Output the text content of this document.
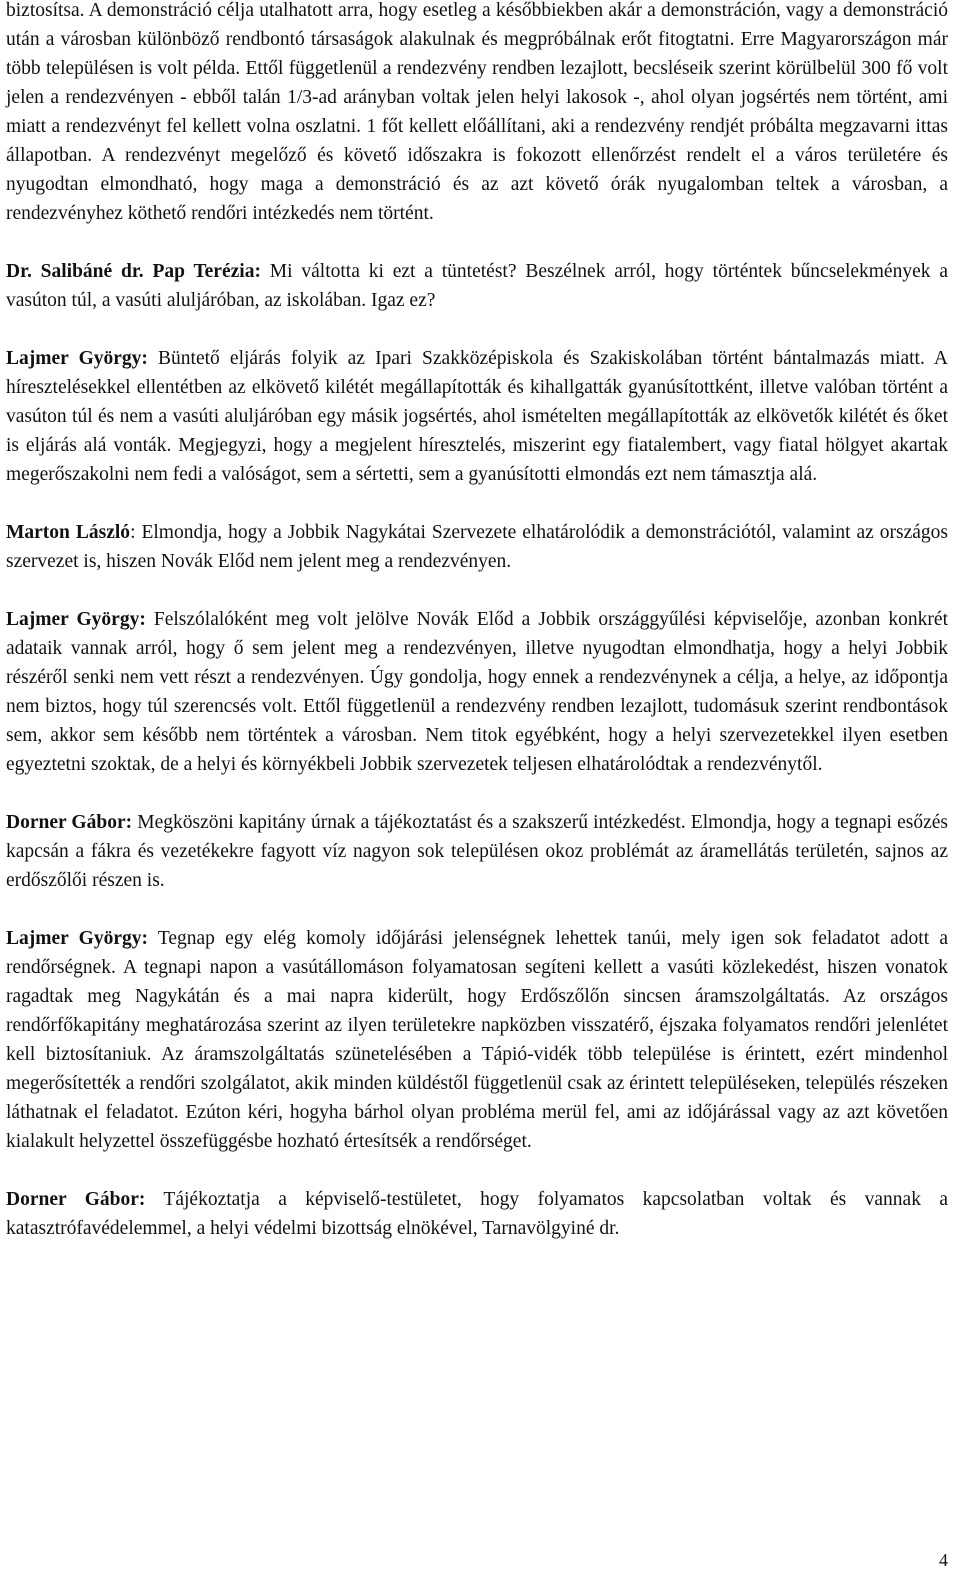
biztosítsa. A demonstráció célja utalhatott arra, hogy esetleg a későbbiekben akár a demonstráción, vagy a demonstráció után a városban különböző rendbontó társaságok alakulnak és megpróbálnak erőt fitogtatni. Erre Magyarországon már több településen is volt példa. Ettől függetlenül a rendezvény rendben lezajlott, becsléseik szerint körülbelül 300 fő volt jelen a rendezvényen - ebből talán 1/3-ad arányban voltak jelen helyi lakosok -, ahol olyan jogsértés nem történt, ami miatt a rendezvényt fel kellett volna oszlatni. 1 főt kellett előállítani, aki a rendezvény rendjét próbálta megzavarni ittas állapotban. A rendezvényt megelőző és követő időszakra is fokozott ellenőrzést rendelt el a város területére és nyugodtan elmondható, hogy maga a demonstráció és az azt követő órák nyugalomban teltek a városban, a rendezvényhez köthető rendőri intézkedés nem történt.

Dr. Salibáné dr. Pap Terézia: Mi váltotta ki ezt a tüntetést? Beszélnek arról, hogy történtek bűncselekmények a vasúton túl, a vasúti aluljáróban, az iskolában. Igaz ez?

Lajmer György: Büntető eljárás folyik az Ipari Szakközépiskola és Szakiskolában történt bántalmazás miatt. A híresztelésekkel ellentétben az elkövető kilétét megállapították és kihallgatták gyanúsítottként, illetve valóban történt a vasúton túl és nem a vasúti aluljáróban egy másik jogsértés, ahol ismételten megállapították az elkövetők kilétét és őket is eljárás alá vonták. Megjegyzi, hogy a megjelent híresztelés, miszerint egy fiatalembert, vagy fiatal hölgyet akartak megerőszakolni nem fedi a valóságot, sem a sértetti, sem a gyanúsítotti elmondás ezt nem támasztja alá.

Marton László: Elmondja, hogy a Jobbik Nagykátai Szervezete elhatárolódik a demonstrációtól, valamint az országos szervezet is, hiszen Novák Előd nem jelent meg a rendezvényen.

Lajmer György: Felszólalóként meg volt jelölve Novák Előd a Jobbik országgyűlési képviselője, azonban konkrét adataik vannak arról, hogy ő sem jelent meg a rendezvényen, illetve nyugodtan elmondhatja, hogy a helyi Jobbik részéről senki nem vett részt a rendezvényen. Úgy gondolja, hogy ennek a rendezvénynek a célja, a helye, az időpontja nem biztos, hogy túl szerencsés volt. Ettől függetlenül a rendezvény rendben lezajlott, tudomásuk szerint rendbontások sem, akkor sem később nem történtek a városban. Nem titok egyébként, hogy a helyi szervezetekkel ilyen esetben egyeztetni szoktak, de a helyi és környékbeli Jobbik szervezetek teljesen elhatárolódtak a rendezvénytől.

Dorner Gábor: Megköszöni kapitány úrnak a tájékoztatást és a szakszerű intézkedést. Elmondja, hogy a tegnapi esőzés kapcsán a fákra és vezetékekre fagyott víz nagyon sok településen okoz problémát az áramellátás területén, sajnos az erdőszőlői részen is.

Lajmer György: Tegnap egy elég komoly időjárási jelenségnek lehettek tanúi, mely igen sok feladatot adott a rendőrségnek. A tegnapi napon a vasútállomáson folyamatosan segíteni kellett a vasúti közlekedést, hiszen vonatok ragadtak meg Nagykátán és a mai napra kiderült, hogy Erdőszőlőn sincsen áramszolgáltatás. Az országos rendőrfőkapitány meghatározása szerint az ilyen területekre napközben visszatérő, éjszaka folyamatos rendőri jelenlétet kell biztosítaniuk. Az áramszolgáltatás szünetelésében a Tápió-vidék több települése is érintett, ezért mindenhol megerősítették a rendőri szolgálatot, akik minden küldéstől függetlenül csak az érintett településeken, település részeken láthatnak el feladatot. Ezúton kéri, hogyha bárhol olyan probléma merül fel, ami az időjárással vagy az azt követően kialakult helyzettel összefüggésbe hozható értesítsék a rendőrséget.

Dorner Gábor: Tájékoztatja a képviselő-testületet, hogy folyamatos kapcsolatban voltak és vannak a katasztrófavédelemmel, a helyi védelmi bizottság elnökével, Tarnavölgyiné dr.

4
